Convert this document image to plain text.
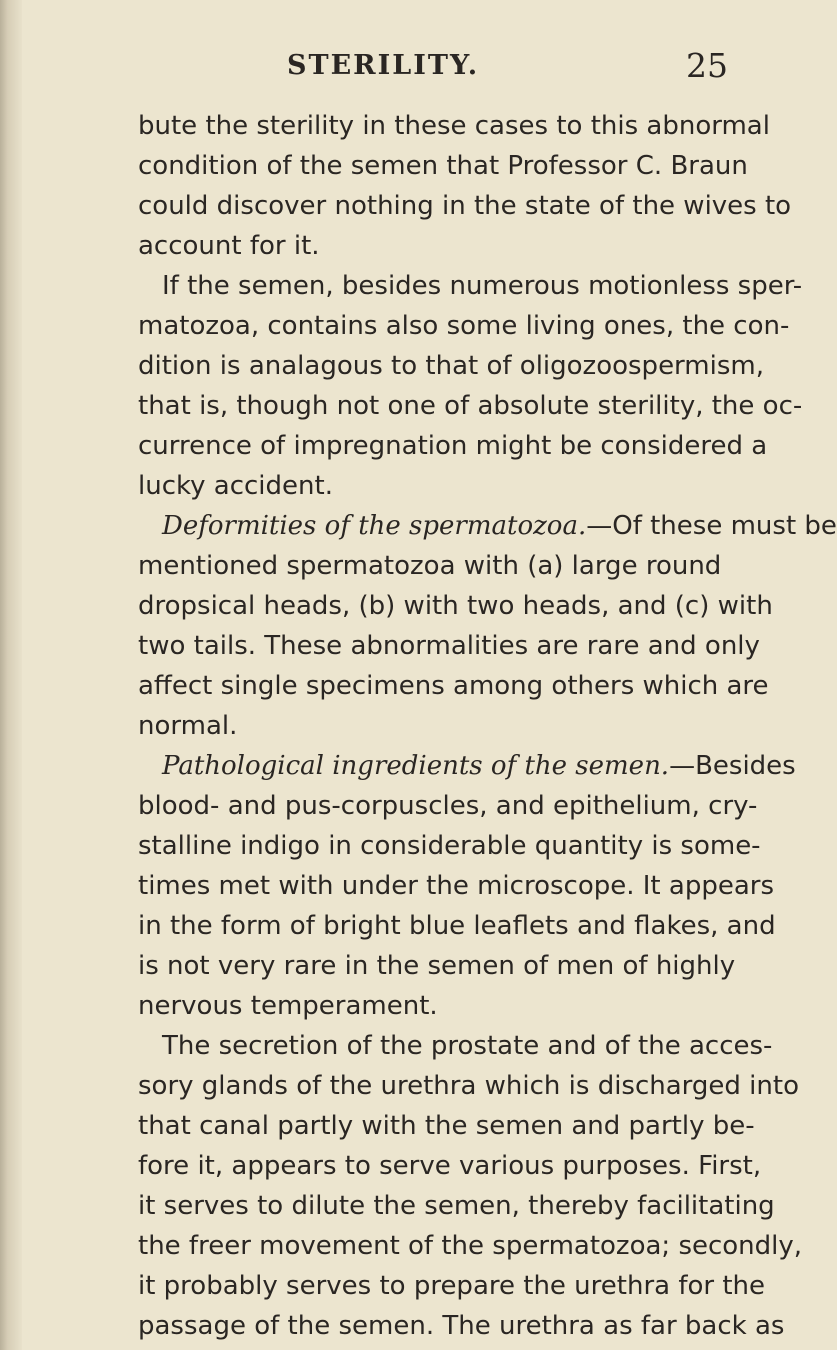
STERILITY.	25
bute the sterility in these cases to this abnormal
condition of the semen that Professor C. Braun
could discover nothing in the state of the wives to
account for it.
If the semen, besides numerous motionless sper-
matozoa, contains also some living ones, the con-
dition is analagous to that of oligozoospermism,
that is, though not one of absolute sterility, the oc-
currence of impregnation might be considered a
lucky accident.
Deformities of the spermatozoa.—Of these must be
mentioned spermatozoa with (a) large round
dropsical heads, (b) with two heads, and (c) with
two tails. These abnormalities are rare and only
affect single specimens among others which are
normal.
Pathological ingredients of the semen.—Besides
blood- and pus-corpuscles, and epithelium, cry-
stalline indigo in considerable quantity is some-
times met with under the microscope. It appears
in the form of bright blue leaflets and flakes, and
is not very rare in the semen of men of highly
nervous temperament.
The secretion of the prostate and of the acces-
sory glands of the urethra which is discharged into
that canal partly with the semen and partly be-
fore it, appears to serve various purposes. First,
it serves to dilute the semen, thereby facilitating
the freer movement of the spermatozoa; secondly,
it probably serves to prepare the urethra for the
passage of the semen. The urethra as far back as
